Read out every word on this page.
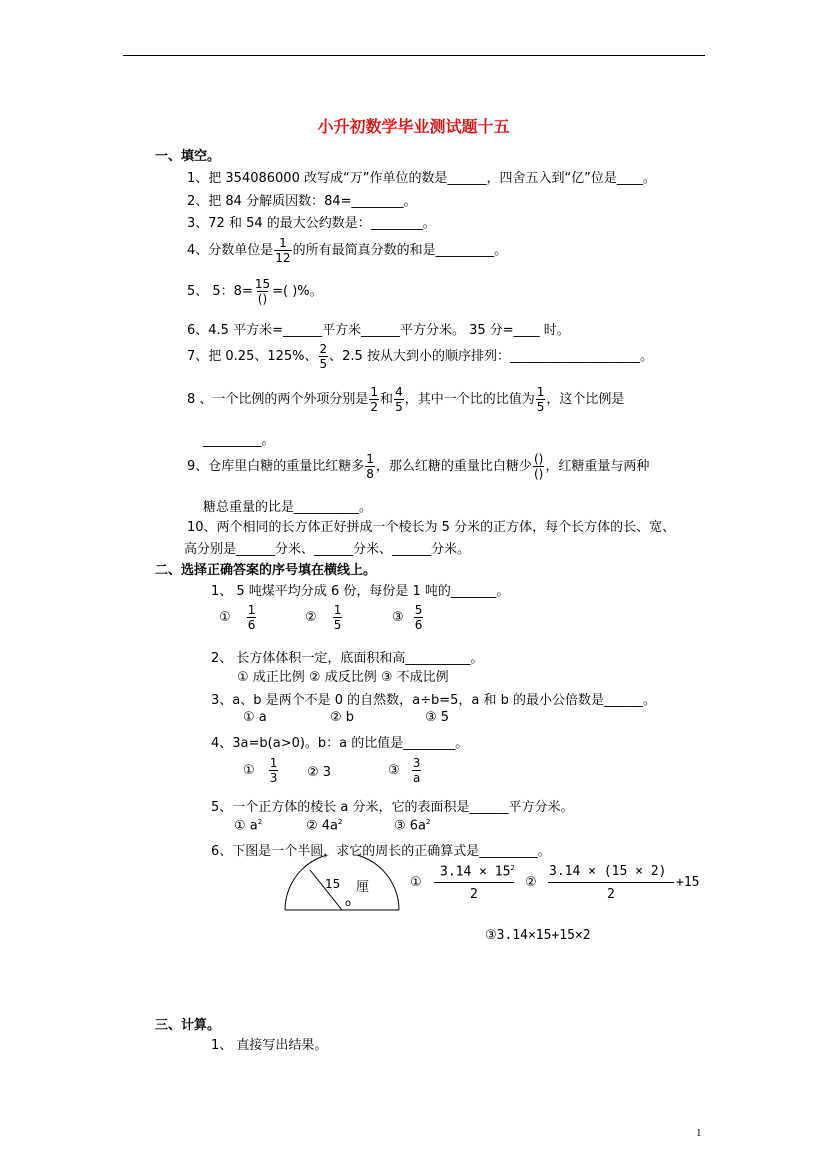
小升初数学毕业测试题十五
一、填空。
1、把 354086000 改写成“万”作单位的数是______，四舍五入到“亿”位是____。
2、把 84 分解质因数：84=________。
3、72 和 54 的最大公约数是：________。
4、分数单位是 $\frac{1}{12}$ 的所有最简真分数的和是_________。
5、 5：$8= \frac{15}{()}$ =( )%。
6、4.5 平方米=______平方米______平方分米。 35 分=____ 时。
7、把 0.25、125%、 $\frac{2}{5}$ 、2.5 按从大到小的顺序排列：____________________。
8 、一个比例的两个外项分别是 $\frac{1}{2}$ 和 $\frac{4}{5}$ ，其中一个比的比值为 $\frac{1}{5}$ ，这个比例是
_________。
9、仓库里白糖的重量比红糖多 $\frac{1}{8}$ ，那么红糖的重量比白糖少 $\frac{()}{()}$ ，红糖重量与两种
糖总重量的比是__________。
10、两个相同的长方体正好拼成一个棱长为 5 分米的正方体，每个长方体的长、宽、
高分别是______分米、______分米、______分米。
二、选择正确答案的序号填在横线上。
1、 5 吨煤平均分成 6 份，每份是 1 吨的_______。
① $\frac{1}{6}$	② $\frac{1}{5}$	③ $\frac{5}{6}$
2、 长方体体积一定，底面积和高__________。
① 成正比例 ② 成反比例 ③ 不成比例
3、a、b 是两个不是 0 的自然数，a÷b=5，a 和 b 的最小公倍数是______。
① a	② b	③ 5
4、3a=b(a>0)。b：a 的比值是________。
① $\frac{1}{3}$ ② 3	③ $\frac{3}{a}$
5、一个正方体的棱长 a 分米，它的表面积是______平方分米。
① $a^2$	② $4a^2$	③ $6a^2$
6、下图是一个半圆，求它的周长的正确算式是_________。
15 厘
o
①
$3.14 \times 15^2$
2
②
3.14 × (15 × 2)
2
+15
③3.14×15+15×2
三、计算。
1、 直接写出结果。
1
